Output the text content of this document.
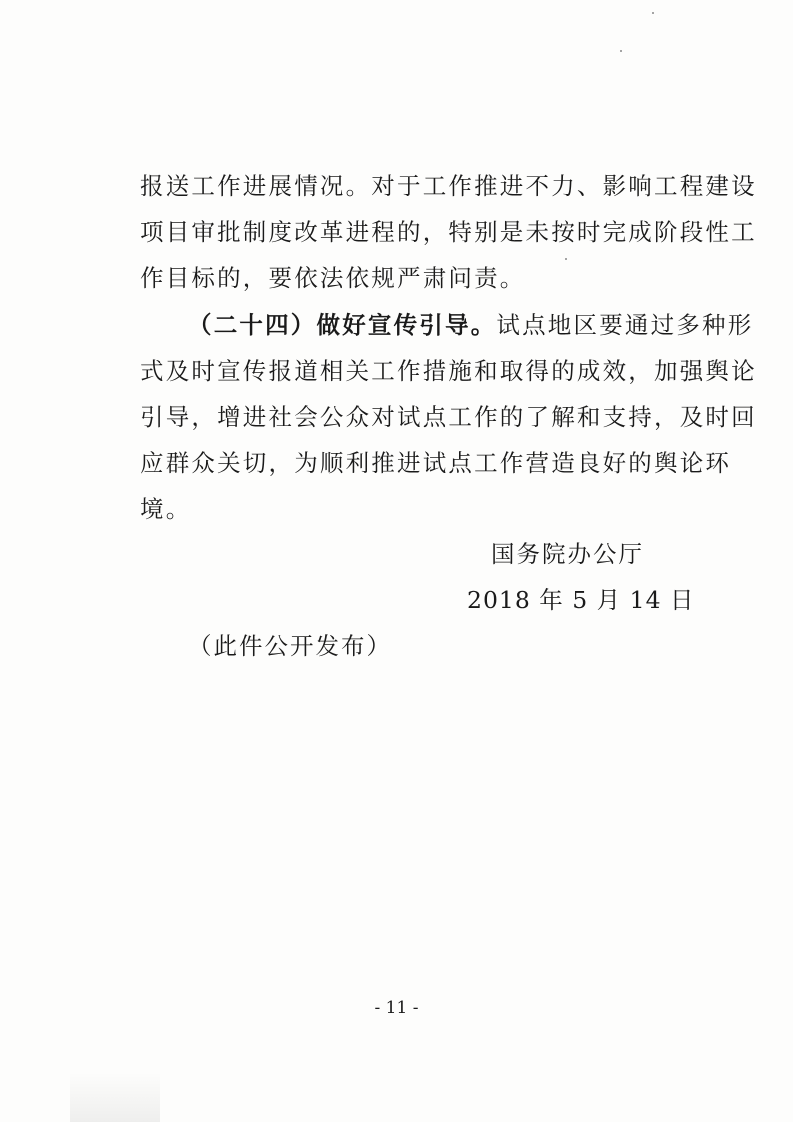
报送工作进展情况。对于工作推进不力、影响工程建设
项目审批制度改革进程的，特别是未按时完成阶段性工
作目标的，要依法依规严肃问责。
（二十四）做好宣传引导。试点地区要通过多种形
式及时宣传报道相关工作措施和取得的成效，加强舆论
引导，增进社会公众对试点工作的了解和支持，及时回
应群众关切，为顺利推进试点工作营造良好的舆论环
境。
国务院办公厅
2018 年 5 月 14 日
（此件公开发布）
- 11 -
